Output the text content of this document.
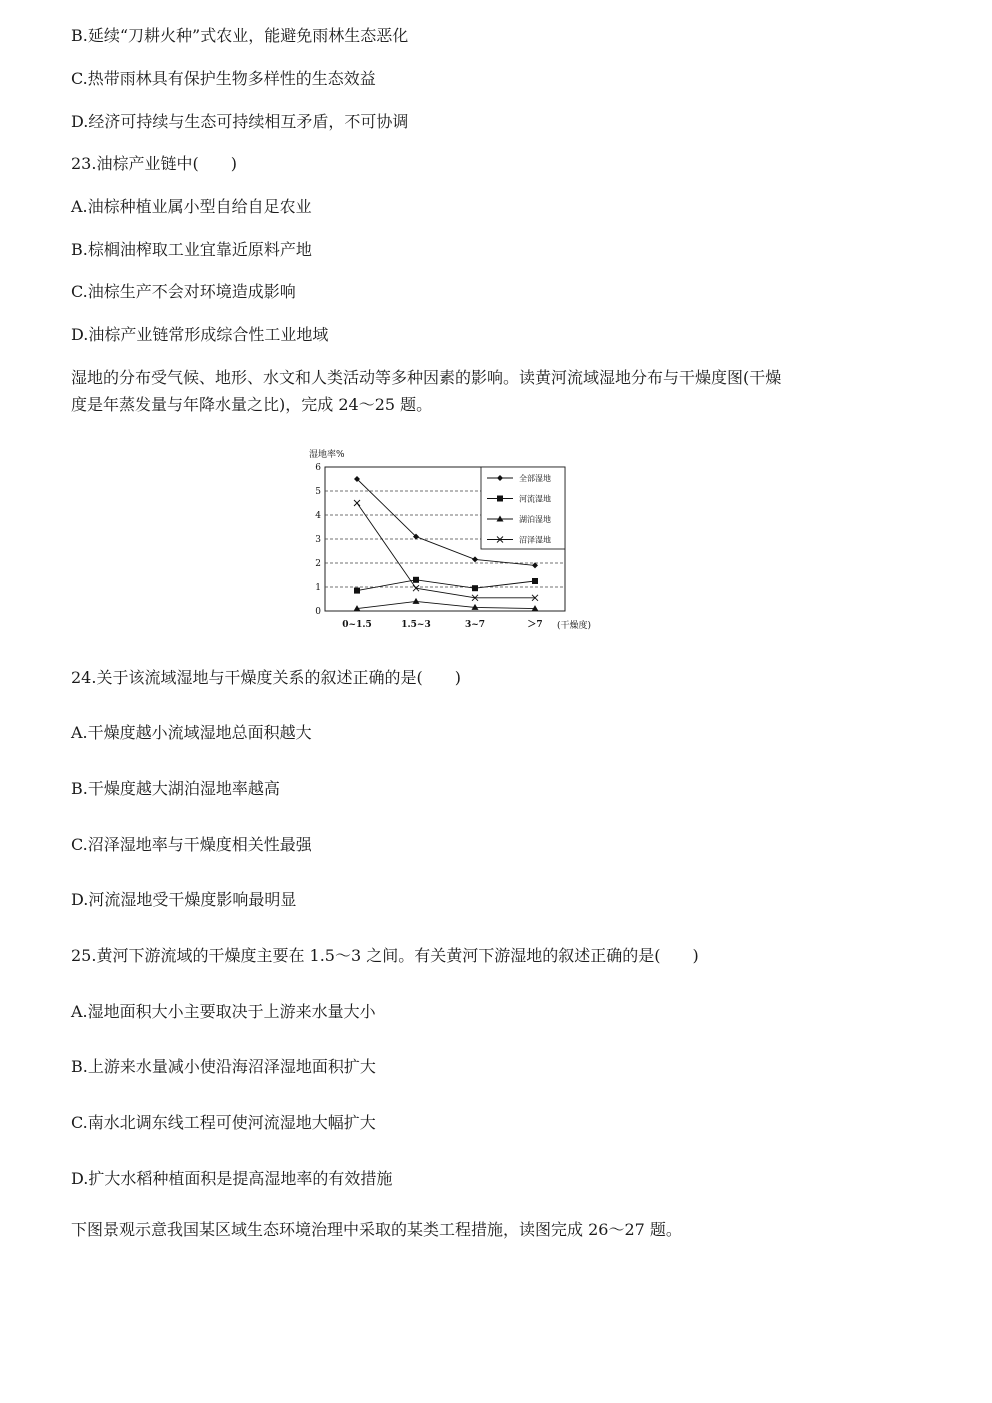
B.延续“刀耕火种”式农业，能避免雨林生态恶化
C.热带雨林具有保护生物多样性的生态效益
D.经济可持续与生态可持续相互矛盾，不可协调
23.油棕产业链中(　　)
A.油棕种植业属小型自给自足农业
B.棕榈油榨取工业宜靠近原料产地
C.油棕生产不会对环境造成影响
D.油棕产业链常形成综合性工业地域
湿地的分布受气候、地形、水文和人类活动等多种因素的影响。读黄河流域湿地分布与干燥度图(干燥
度是年蒸发量与年降水量之比)，完成 24～25 题。
湿地率%
(干燥度)
0
1
2
3
4
5
6
0~1.5	1.5~3	3~7	＞7
全部湿地
河流湿地
湖泊湿地
沼泽湿地
24.关于该流域湿地与干燥度关系的叙述正确的是(　　)
A.干燥度越小流域湿地总面积越大
B.干燥度越大湖泊湿地率越高
C.沼泽湿地率与干燥度相关性最强
D.河流湿地受干燥度影响最明显
25.黄河下游流域的干燥度主要在 1.5～3 之间。有关黄河下游湿地的叙述正确的是(　　)
A.湿地面积大小主要取决于上游来水量大小
B.上游来水量减小使沿海沼泽湿地面积扩大
C.南水北调东线工程可使河流湿地大幅扩大
D.扩大水稻种植面积是提高湿地率的有效措施
下图景观示意我国某区域生态环境治理中采取的某类工程措施，读图完成 26～27 题。
